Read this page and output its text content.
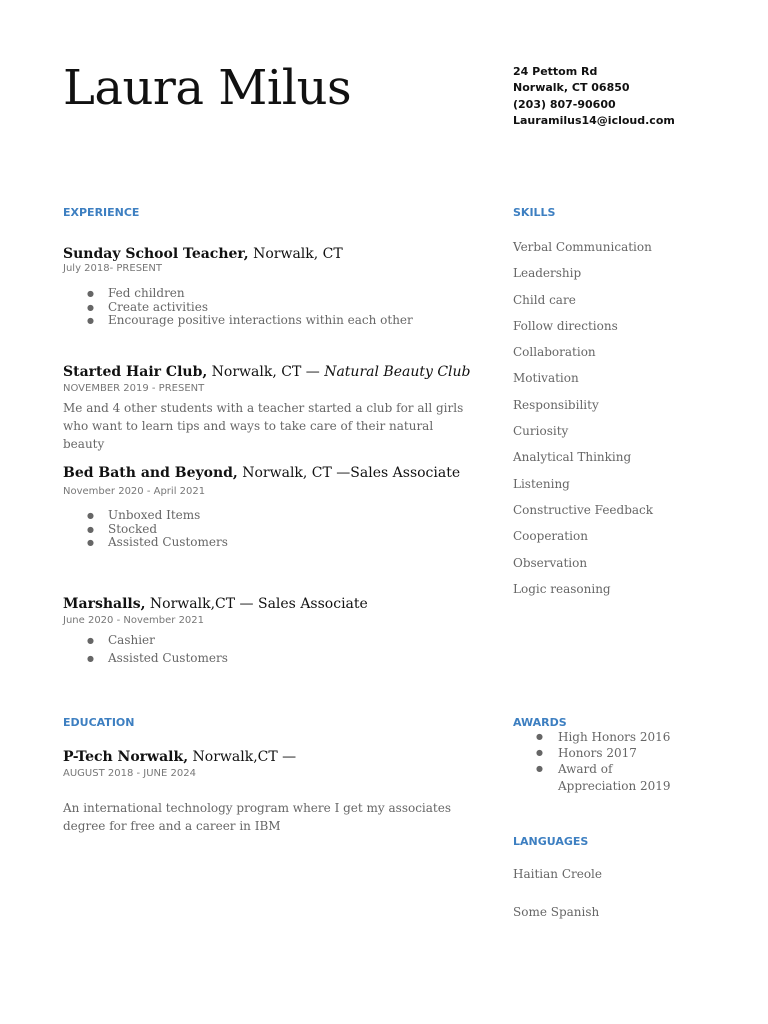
Laura Milus	24 Pettom Rd
Norwalk, CT 06850
(203) 807-90600
Lauramilus14@icloud.com
EXPERIENCE
Sunday School Teacher, Norwalk, CT
July 2018- PRESENT
● Fed children
● Create activities
● Encourage positive interactions within each other
Started Hair Club, Norwalk, CT — Natural Beauty Club
NOVEMBER 2019 - PRESENT
Me and 4 other students with a teacher started a club for all girls who want to learn tips and ways to take care of their natural beauty
Bed Bath and Beyond, Norwalk, CT —Sales Associate
November 2020 - April 2021
● Unboxed Items
● Stocked
● Assisted Customers
Marshalls, Norwalk,CT — Sales Associate
June 2020 - November 2021
● Cashier
● Assisted Customers
EDUCATION
P-Tech Norwalk, Norwalk,CT —
AUGUST 2018 - JUNE 2024
An international technology program where I get my associates degree for free and a career in IBM
SKILLS
Verbal Communication
Leadership
Child care
Follow directions
Collaboration
Motivation
Responsibility
Curiosity
Analytical Thinking
Listening
Constructive Feedback
Cooperation
Observation
Logic reasoning
AWARDS
● High Honors 2016
● Honors 2017
● Award of Appreciation 2019
LANGUAGES
Haitian Creole
Some Spanish
